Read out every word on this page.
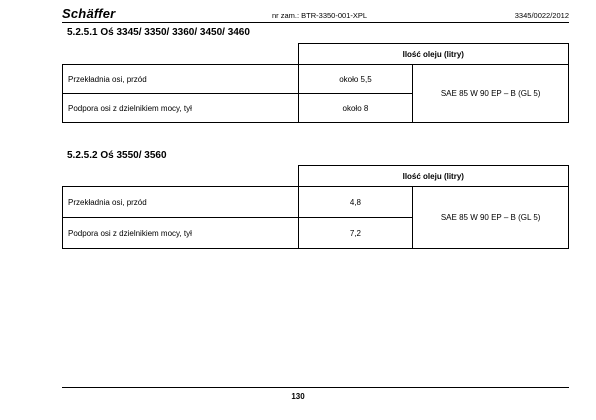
Schäffer	nr zam.: BTR-3350-001-XPL	3345/0022/2012
5.2.5.1 Oś 3345/ 3350/ 3360/ 3450/ 3460
	Ilość oleju (litry)	
Przekładnia osi, przód	około 5,5	SAE 85 W 90 EP – B (GL 5)
Podpora osi z dzielnikiem mocy, tył	około 8	
5.2.5.2 Oś 3550/ 3560
	Ilość oleju (litry)	
Przekładnia osi, przód	4,8	SAE 85 W 90 EP – B (GL 5)
Podpora osi z dzielnikiem mocy, tył	7,2	
130
